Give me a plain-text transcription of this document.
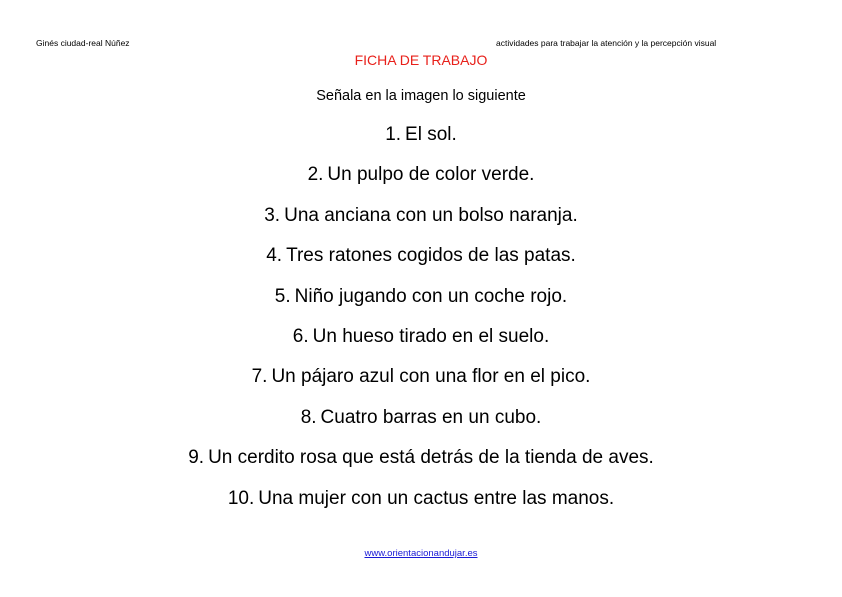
Ginés ciudad-real Núñez	actividades para trabajar la atención y la percepción visual
FICHA DE TRABAJO
Señala en la imagen lo siguiente
1. El sol.
2. Un pulpo de color verde.
3. Una anciana con un bolso naranja.
4. Tres ratones cogidos de las patas.
5. Niño jugando con un coche rojo.
6. Un hueso tirado en el suelo.
7. Un pájaro azul con una flor en el pico.
8. Cuatro barras en un cubo.
9. Un cerdito rosa que está detrás de la tienda de aves.
10. Una mujer con un cactus entre las manos.
www.orientacionandujar.es
